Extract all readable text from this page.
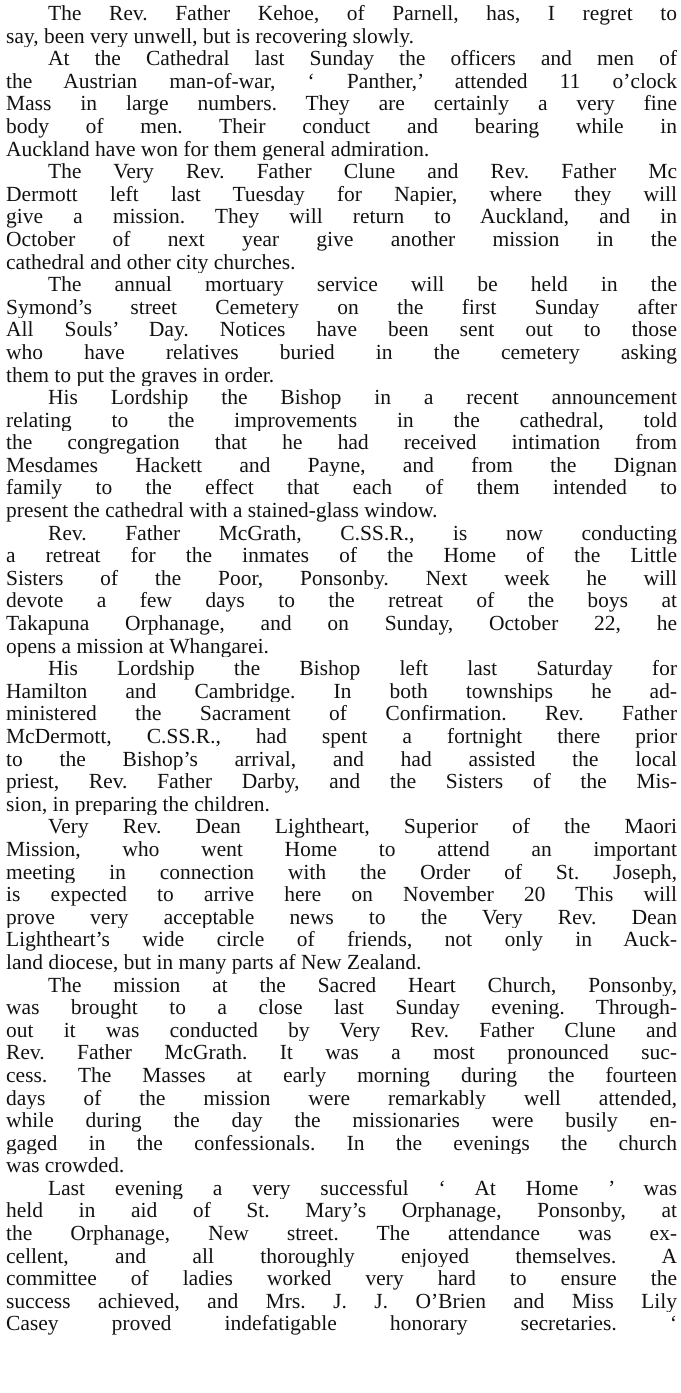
The Rev. Father Kehoe, of Parnell, has, I regret to
say, been very unwell, but is recovering slowly.
At the Cathedral last Sunday the officers and men of
the Austrian man-of-war, ‘ Panther,’ attended 11 o’clock
Mass in large numbers. They are certainly a very fine
body of men. Their conduct and bearing while in
Auckland have won for them general admiration.
The Very Rev. Father Clune and Rev. Father Mc
Dermott left last Tuesday for Napier, where they will
give a mission. They will return to Auckland, and in
October of next year give another mission in the
cathedral and other city churches.
The annual mortuary service will be held in the
Symond’s street Cemetery on the first Sunday after
All Souls’ Day. Notices have been sent out to those
who have relatives buried in the cemetery asking
them to put the graves in order.
His Lordship the Bishop in a recent announcement
relating to the improvements in the cathedral, told
the congregation that he had received intimation from
Mesdames Hackett and Payne, and from the Dignan
family to the effect that each of them intended to
present the cathedral with a stained-glass window.
Rev. Father McGrath, C.SS.R., is now conducting
a retreat for the inmates of the Home of the Little
Sisters of the Poor, Ponsonby. Next week he will
devote a few days to the retreat of the boys at
Takapuna Orphanage, and on Sunday, October 22, he
opens a mission at Whangarei.
His Lordship the Bishop left last Saturday for
Hamilton and Cambridge. In both townships he ad-
ministered the Sacrament of Confirmation. Rev. Father
McDermott, C.SS.R., had spent a fortnight there prior
to the Bishop’s arrival, and had assisted the local
priest, Rev. Father Darby, and the Sisters of the Mis-
sion, in preparing the children.
Very Rev. Dean Lightheart, Superior of the Maori
Mission, who went Home to attend an important
meeting in connection with the Order of St. Joseph,
is expected to arrive here on November 20 This will
prove very acceptable news to the Very Rev. Dean
Lightheart’s wide circle of friends, not only in Auck-
land diocese, but in many parts af New Zealand.
The mission at the Sacred Heart Church, Ponsonby,
was brought to a close last Sunday evening. Through-
out it was conducted by Very Rev. Father Clune and
Rev. Father McGrath. It was a most pronounced suc-
cess. The Masses at early morning during the fourteen
days of the mission were remarkably well attended,
while during the day the missionaries were busily en-
gaged in the confessionals. In the evenings the church
was crowded.
Last evening a very successful ‘ At Home ’ was
held in aid of St. Mary’s Orphanage, Ponsonby, at
the Orphanage, New street. The attendance was ex-
cellent, and all thoroughly enjoyed themselves. A
committee of ladies worked very hard to ensure the
success achieved, and Mrs. J. J. O’Brien and Miss Lily
Casey proved indefatigable honorary secretaries. ‘
